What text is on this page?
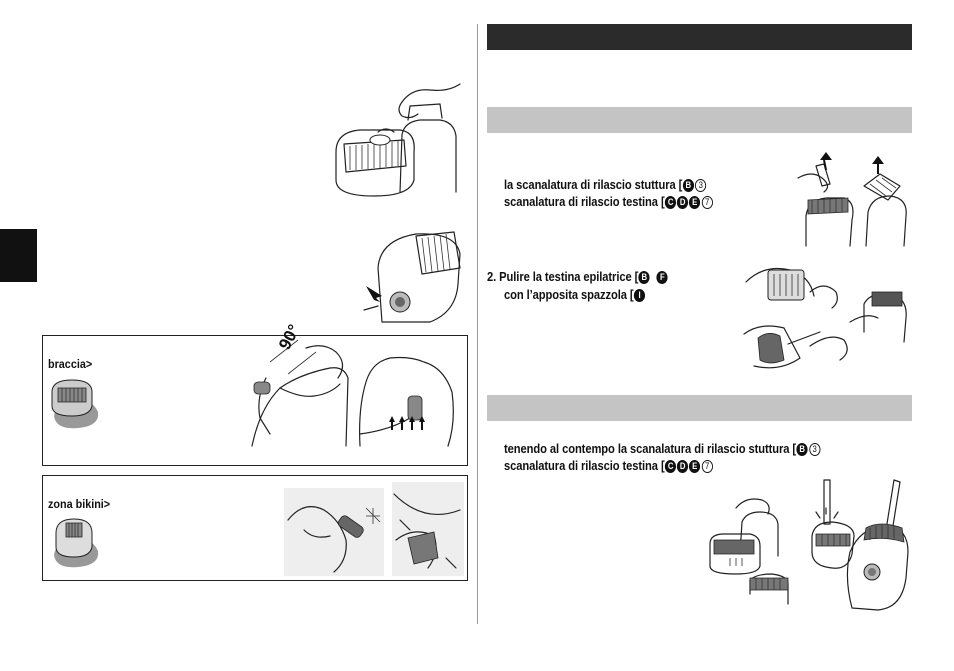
braccia>
90°
zona bikini>
la scanalatura di rilascio stuttura [ B 3
scanalatura di rilascio testina [ C D E 7
2. Pulire la testina epilatrice [ B F
con l’apposita spazzola [ I
tenendo al contempo la scanalatura di rilascio stuttura [ B 3
scanalatura di rilascio testina [ C D E 7
